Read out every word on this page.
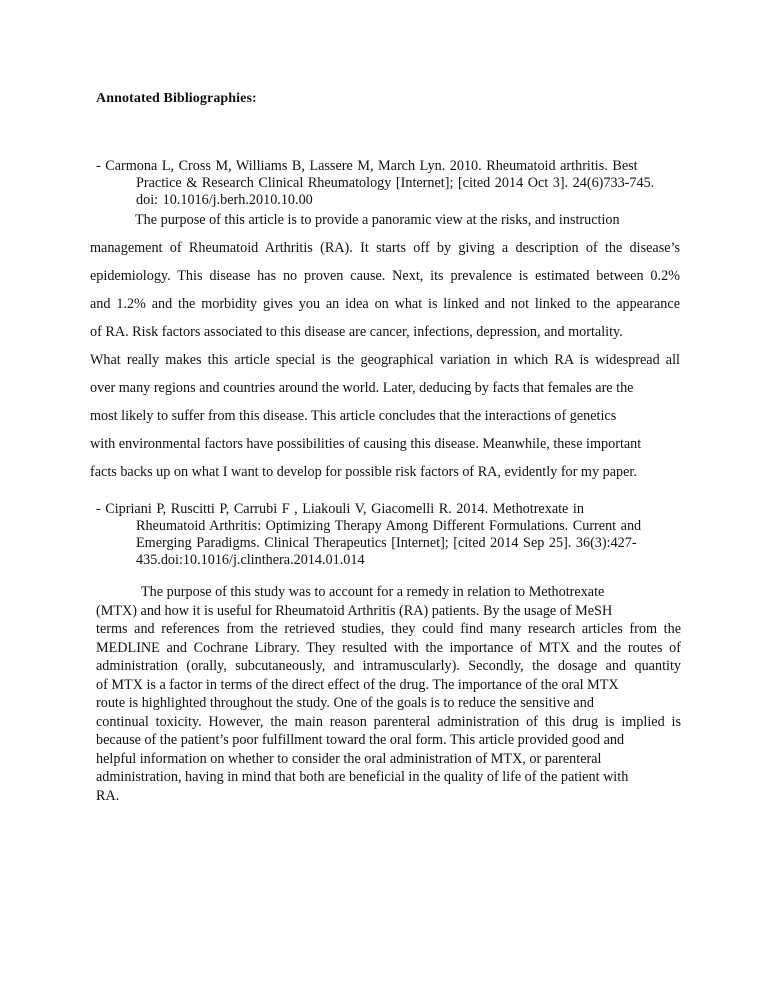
Annotated Bibliographies:
- Carmona L, Cross M, Williams B, Lassere M, March Lyn. 2010. Rheumatoid arthritis. Best
Practice & Research Clinical Rheumatology [Internet]; [cited 2014 Oct 3]. 24(6)733-745.
doi: 10.1016/j.berh.2010.10.00
The purpose of this article is to provide a panoramic view at the risks, and instruction
management of Rheumatoid Arthritis (RA). It starts off by giving a description of the disease’s
epidemiology. This disease has no proven cause. Next, its prevalence is estimated between 0.2%
and 1.2% and the morbidity gives you an idea on what is linked and not linked to the appearance
of RA. Risk factors associated to this disease are cancer, infections, depression, and mortality.
What really makes this article special is the geographical variation in which RA is widespread all
over many regions and countries around the world. Later, deducing by facts that females are the
most likely to suffer from this disease. This article concludes that the interactions of genetics
with environmental factors have possibilities of causing this disease. Meanwhile, these important
facts backs up on what I want to develop for possible risk factors of RA, evidently for my paper.
- Cipriani P, Ruscitti P, Carrubi F , Liakouli V, Giacomelli R. 2014. Methotrexate in
Rheumatoid Arthritis: Optimizing Therapy Among Different Formulations. Current and
Emerging Paradigms. Clinical Therapeutics [Internet]; [cited 2014 Sep 25]. 36(3):427-
435.doi:10.1016/j.clinthera.2014.01.014
The purpose of this study was to account for a remedy in relation to Methotrexate
(MTX) and how it is useful for Rheumatoid Arthritis (RA) patients. By the usage of MeSH
terms and references from the retrieved studies, they could find many research articles from the
MEDLINE and Cochrane Library. They resulted with the importance of MTX and the routes of
administration (orally, subcutaneously, and intramuscularly). Secondly, the dosage and quantity
of MTX is a factor in terms of the direct effect of the drug. The importance of the oral MTX
route is highlighted throughout the study. One of the goals is to reduce the sensitive and
continual toxicity. However, the main reason parenteral administration of this drug is implied is
because of the patient’s poor fulfillment toward the oral form. This article provided good and
helpful information on whether to consider the oral administration of MTX, or parenteral
administration, having in mind that both are beneficial in the quality of life of the patient with
RA.
